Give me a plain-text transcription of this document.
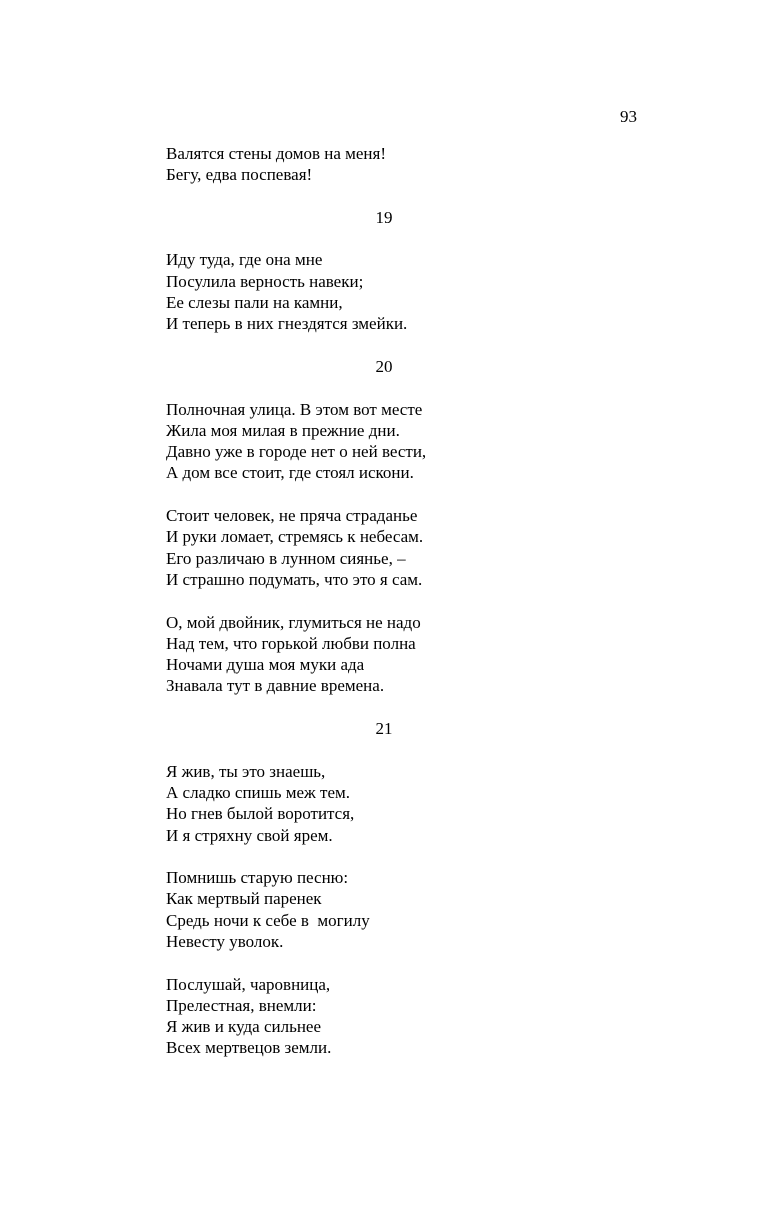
93
Валятся стены домов на меня!
Бегу, едва поспевая!
19
Иду туда, где она мне
Посулила верность навеки;
Ее слезы пали на камни,
И теперь в них гнездятся змейки.
20
Полночная улица. В этом вот месте
Жила моя милая в прежние дни.
Давно уже в городе нет о ней вести,
А дом все стоит, где стоял искони.
Стоит человек, не пряча страданье
И руки ломает, стремясь к небесам.
Его различаю в лунном сиянье, –
И страшно подумать, что это я сам.
О, мой двойник, глумиться не надо
Над тем, что горькой любви полна
Ночами душа моя муки ада
Знавала тут в давние времена.
21
Я жив, ты это знаешь,
А сладко спишь меж тем.
Но гнев былой воротится,
И я стряхну свой ярем.
Помнишь старую песню:
Как мертвый паренек
Средь ночи к себе в  могилу
Невесту уволок.
Послушай, чаровница,
Прелестная, внемли:
Я жив и куда сильнее
Всех мертвецов земли.
